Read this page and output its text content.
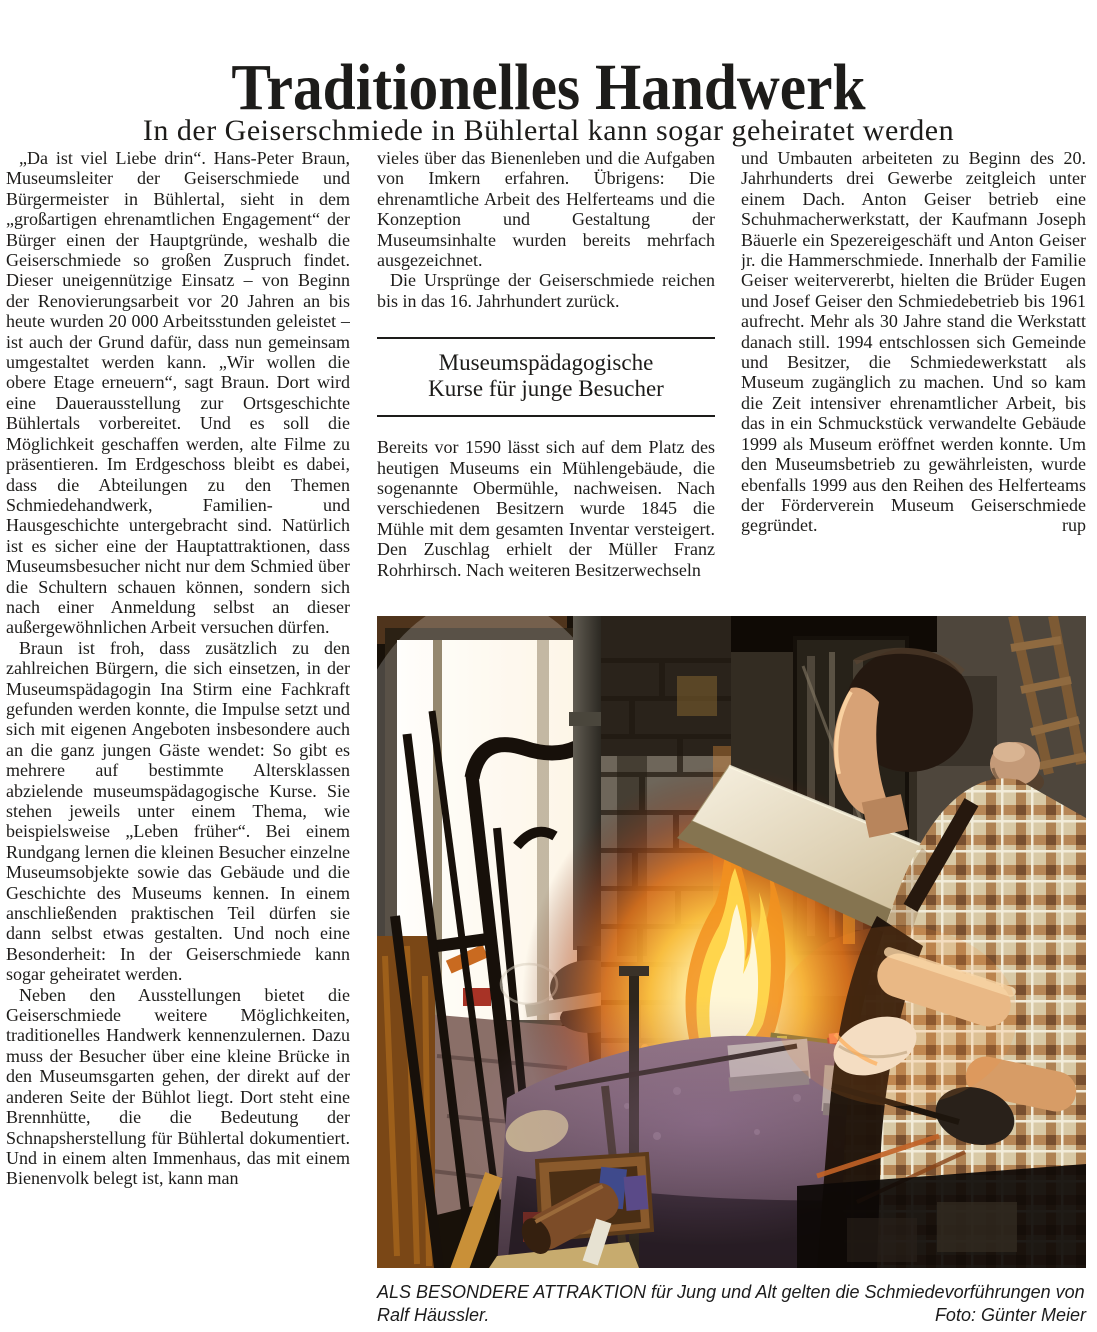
Traditionelles Handwerk
In der Geiserschmiede in Bühlertal kann sogar geheiratet werden

„Da ist viel Liebe drin“. Hans-Peter Braun, Museumsleiter der Geiserschmiede und Bürgermeister in Bühlertal, sieht in dem „großartigen ehrenamtlichen Engagement“ der Bürger einen der Hauptgründe, weshalb die Geiserschmiede so großen Zuspruch findet. Dieser uneigennützige Einsatz – von Beginn der Renovierungsarbeit vor 20 Jahren an bis heute wurden 20 000 Arbeitsstunden geleistet – ist auch der Grund dafür, dass nun gemeinsam umgestaltet werden kann. „Wir wollen die obere Etage erneuern“, sagt Braun. Dort wird eine Dauerausstellung zur Ortsgeschichte Bühlertals vorbereitet. Und es soll die Möglichkeit geschaffen werden, alte Filme zu präsentieren. Im Erdgeschoss bleibt es dabei, dass die Abteilungen zu den Themen Schmiedehandwerk, Familien- und Hausgeschichte untergebracht sind. Natürlich ist es sicher eine der Hauptattraktionen, dass Museumsbesucher nicht nur dem Schmied über die Schultern schauen können, sondern sich nach einer Anmeldung selbst an dieser außergewöhnlichen Arbeit versuchen dürfen.

Braun ist froh, dass zusätzlich zu den zahlreichen Bürgern, die sich einsetzen, in der Museumspädagogin Ina Stirm eine Fachkraft gefunden werden konnte, die Impulse setzt und sich mit eigenen Angeboten insbesondere auch an die ganz jungen Gäste wendet: So gibt es mehrere auf bestimmte Altersklassen abzielende museumspädagogische Kurse. Sie stehen jeweils unter einem Thema, wie beispielsweise „Leben früher“. Bei einem Rundgang lernen die kleinen Besucher einzelne Museumsobjekte sowie das Gebäude und die Geschichte des Museums kennen. In einem anschließenden praktischen Teil dürfen sie dann selbst etwas gestalten. Und noch eine Besonderheit: In der Geiserschmiede kann sogar geheiratet werden.

Neben den Ausstellungen bietet die Geiserschmiede weitere Möglichkeiten, traditionelles Handwerk kennenzulernen. Dazu muss der Besucher über eine kleine Brücke in den Museumsgarten gehen, der direkt auf der anderen Seite der Bühlot liegt. Dort steht eine Brennhütte, die die Bedeutung der Schnapsherstellung für Bühlertal dokumentiert. Und in einem alten Immenhaus, das mit einem Bienenvolk belegt ist, kann man

vieles über das Bienenleben und die Aufgaben von Imkern erfahren. Übrigens: Die ehrenamtliche Arbeit des Helferteams und die Konzeption und Gestaltung der Museumsinhalte wurden bereits mehrfach ausgezeichnet.

Die Ursprünge der Geiserschmiede reichen bis in das 16. Jahrhundert zurück.

Museumspädagogische
Kurse für junge Besucher

Bereits vor 1590 lässt sich auf dem Platz des heutigen Museums ein Mühlengebäude, die sogenannte Obermühle, nachweisen. Nach verschiedenen Besitzern wurde 1845 die Mühle mit dem gesamten Inventar versteigert. Den Zuschlag erhielt der Müller Franz Rohrhirsch. Nach weiteren Besitzerwechseln

und Umbauten arbeiteten zu Beginn des 20. Jahrhunderts drei Gewerbe zeitgleich unter einem Dach. Anton Geiser betrieb eine Schuhmacherwerkstatt, der Kaufmann Joseph Bäuerle ein Spezereigeschäft und Anton Geiser jr. die Hammerschmiede. Innerhalb der Familie Geiser weitervererbt, hielten die Brüder Eugen und Josef Geiser den Schmiedebetrieb bis 1961 aufrecht. Mehr als 30 Jahre stand die Werkstatt danach still. 1994 entschlossen sich Gemeinde und Besitzer, die Schmiedewerkstatt als Museum zugänglich zu machen. Und so kam die Zeit intensiver ehrenamtlicher Arbeit, bis das in ein Schmuckstück verwandelte Gebäude 1999 als Museum eröffnet werden konnte. Um den Museumsbetrieb zu gewährleisten, wurde ebenfalls 1999 aus den Reihen des Helferteams der Förderverein Museum Geiserschmiede gegründet.	rup

ALS BESONDERE ATTRAKTION für Jung und Alt gelten die Schmiedevorführungen von
Ralf Häussler.	Foto: Günter Meier
